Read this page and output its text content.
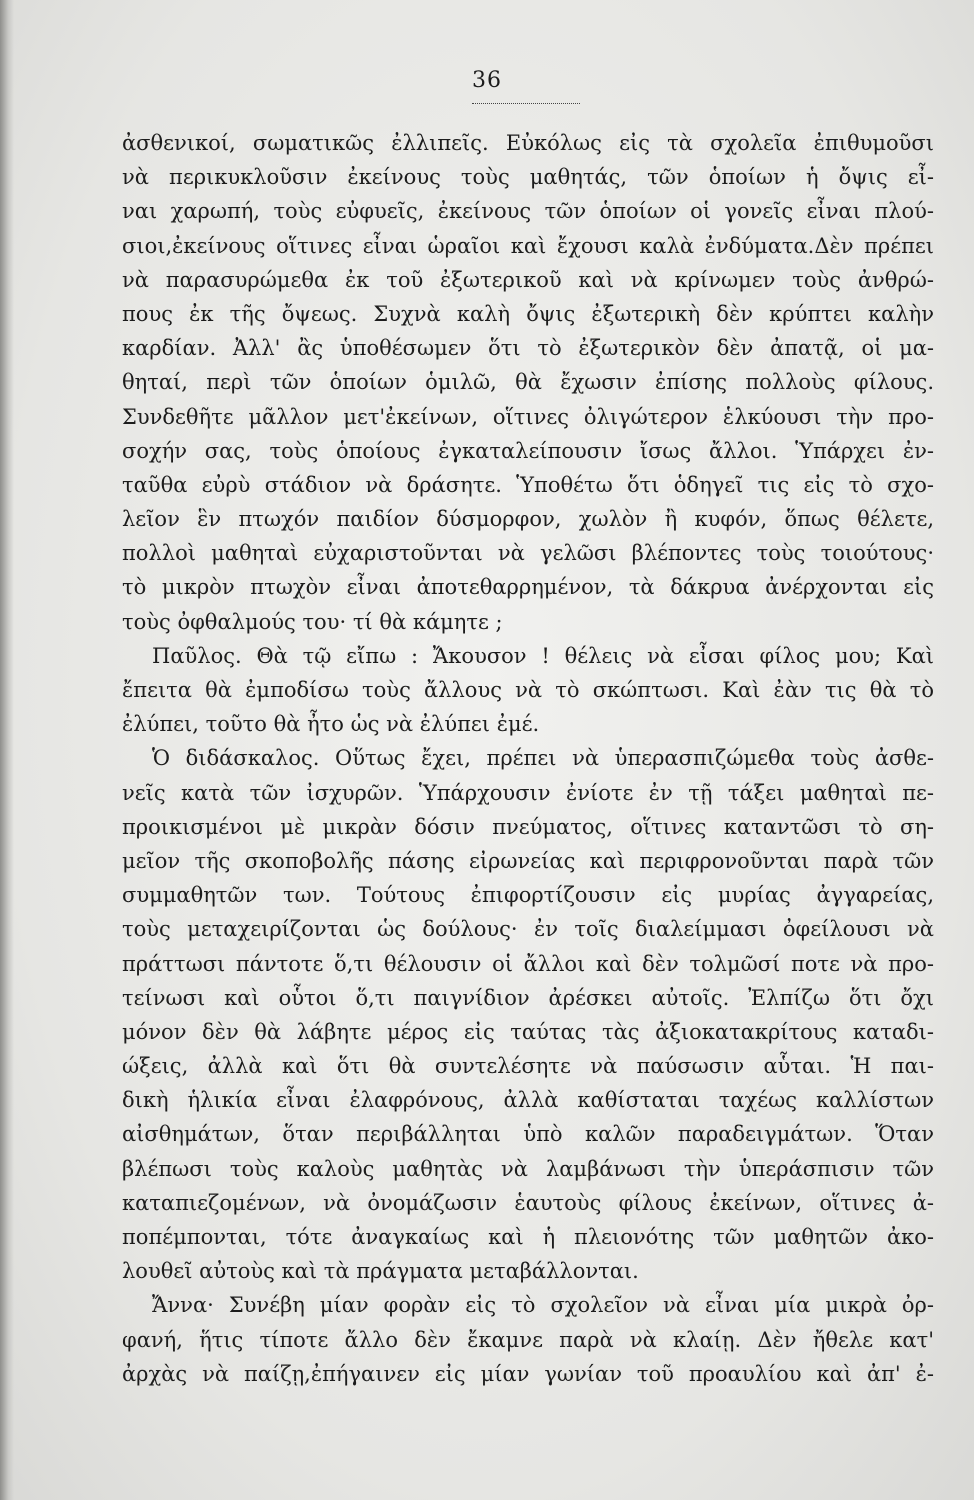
36
ἀσθενικοί, σωματικῶς ἐλλιπεῖς. Εὐκόλως εἰς τὰ σχολεῖα ἐπιθυμοῦσι
νὰ περικυκλοῦσιν ἐκείνους τοὺς μαθητάς, τῶν ὁποίων ἡ ὄψις εἶ-
ναι χαρωπή, τοὺς εὐφυεῖς, ἐκείνους τῶν ὁποίων οἱ γονεῖς εἶναι πλού-
σιοι,ἐκείνους οἵτινες εἶναι ὡραῖοι καὶ ἔχουσι καλὰ ἐνδύματα.Δὲν πρέπει
νὰ παρασυρώμεθα ἐκ τοῦ ἐξωτερικοῦ καὶ νὰ κρίνωμεν τοὺς ἀνθρώ-
πους ἐκ τῆς ὄψεως. Συχνὰ καλὴ ὄψις ἐξωτερικὴ δὲν κρύπτει καλὴν
καρδίαν. Ἀλλ' ἂς ὑποθέσωμεν ὅτι τὸ ἐξωτερικὸν δὲν ἀπατᾷ, οἱ μα-
θηταί, περὶ τῶν ὁποίων ὁμιλῶ, θὰ ἔχωσιν ἐπίσης πολλοὺς φίλους.
Συνδεθῆτε μᾶλλον μετ'ἐκείνων, οἵτινες ὀλιγώτερον ἑλκύουσι τὴν προ-
σοχήν σας, τοὺς ὁποίους ἐγκαταλείπουσιν ἴσως ἄλλοι. Ὑπάρχει ἐν-
ταῦθα εὐρὺ στάδιον νὰ δράσητε. Ὑποθέτω ὅτι ὁδηγεῖ τις εἰς τὸ σχο-
λεῖον ἓν πτωχόν παιδίον δύσμορφον, χωλὸν ἢ κυφόν, ὅπως θέλετε,
πολλοὶ μαθηταὶ εὐχαριστοῦνται νὰ γελῶσι βλέποντες τοὺς τοιούτους·
τὸ μικρὸν πτωχὸν εἶναι ἀποτεθαρρημένον, τὰ δάκρυα ἀνέρχονται εἰς
τοὺς ὀφθαλμούς του· τί θὰ κάμητε ;
Παῦλος. Θὰ τῷ εἴπω : Ἄκουσον ! θέλεις νὰ εἶσαι φίλος μου; Καὶ
ἔπειτα θὰ ἐμποδίσω τοὺς ἄλλους νὰ τὸ σκώπτωσι. Καὶ ἐὰν τις θὰ τὸ
ἐλύπει, τοῦτο θὰ ἦτο ὡς νὰ ἐλύπει ἐμέ.
Ὁ διδάσκαλος. Οὕτως ἔχει, πρέπει νὰ ὑπερασπιζώμεθα τοὺς ἀσθε-
νεῖς κατὰ τῶν ἰσχυρῶν. Ὑπάρχουσιν ἐνίοτε ἐν τῇ τάξει μαθηταὶ πε-
προικισμένοι μὲ μικρὰν δόσιν πνεύματος, οἵτινες καταντῶσι τὸ ση-
μεῖον τῆς σκοποβολῆς πάσης εἰρωνείας καὶ περιφρονοῦνται παρὰ τῶν
συμμαθητῶν των. Τούτους ἐπιφορτίζουσιν εἰς μυρίας ἀγγαρείας,
τοὺς μεταχειρίζονται ὡς δούλους· ἐν τοῖς διαλείμμασι ὀφείλουσι νὰ
πράττωσι πάντοτε ὅ,τι θέλουσιν οἱ ἄλλοι καὶ δὲν τολμῶσί ποτε νὰ προ-
τείνωσι καὶ οὗτοι ὅ,τι παιγνίδιον ἀρέσκει αὐτοῖς. Ἐλπίζω ὅτι ὄχι
μόνον δὲν θὰ λάβητε μέρος εἰς ταύτας τὰς ἀξιοκατακρίτους καταδι-
ώξεις, ἀλλὰ καὶ ὅτι θὰ συντελέσητε νὰ παύσωσιν αὗται. Ἡ παι-
δικὴ ἡλικία εἶναι ἐλαφρόνους, ἀλλὰ καθίσταται ταχέως καλλίστων
αἰσθημάτων, ὅταν περιβάλληται ὑπὸ καλῶν παραδειγμάτων. Ὅταν
βλέπωσι τοὺς καλοὺς μαθητὰς νὰ λαμβάνωσι τὴν ὑπεράσπισιν τῶν
καταπιεζομένων, νὰ ὀνομάζωσιν ἑαυτοὺς φίλους ἐκείνων, οἵτινες ἀ-
ποπέμπονται, τότε ἀναγκαίως καὶ ἡ πλειονότης τῶν μαθητῶν ἀκο-
λουθεῖ αὐτοὺς καὶ τὰ πράγματα μεταβάλλονται.
Ἄννα· Συνέβη μίαν φορὰν εἰς τὸ σχολεῖον νὰ εἶναι μία μικρὰ ὀρ-
φανή, ἥτις τίποτε ἄλλο δὲν ἔκαμνε παρὰ νὰ κλαίῃ. Δὲν ἤθελε κατ'
ἀρχὰς νὰ παίζῃ,ἐπήγαινεν εἰς μίαν γωνίαν τοῦ προαυλίου καὶ ἀπ' ἐ-
